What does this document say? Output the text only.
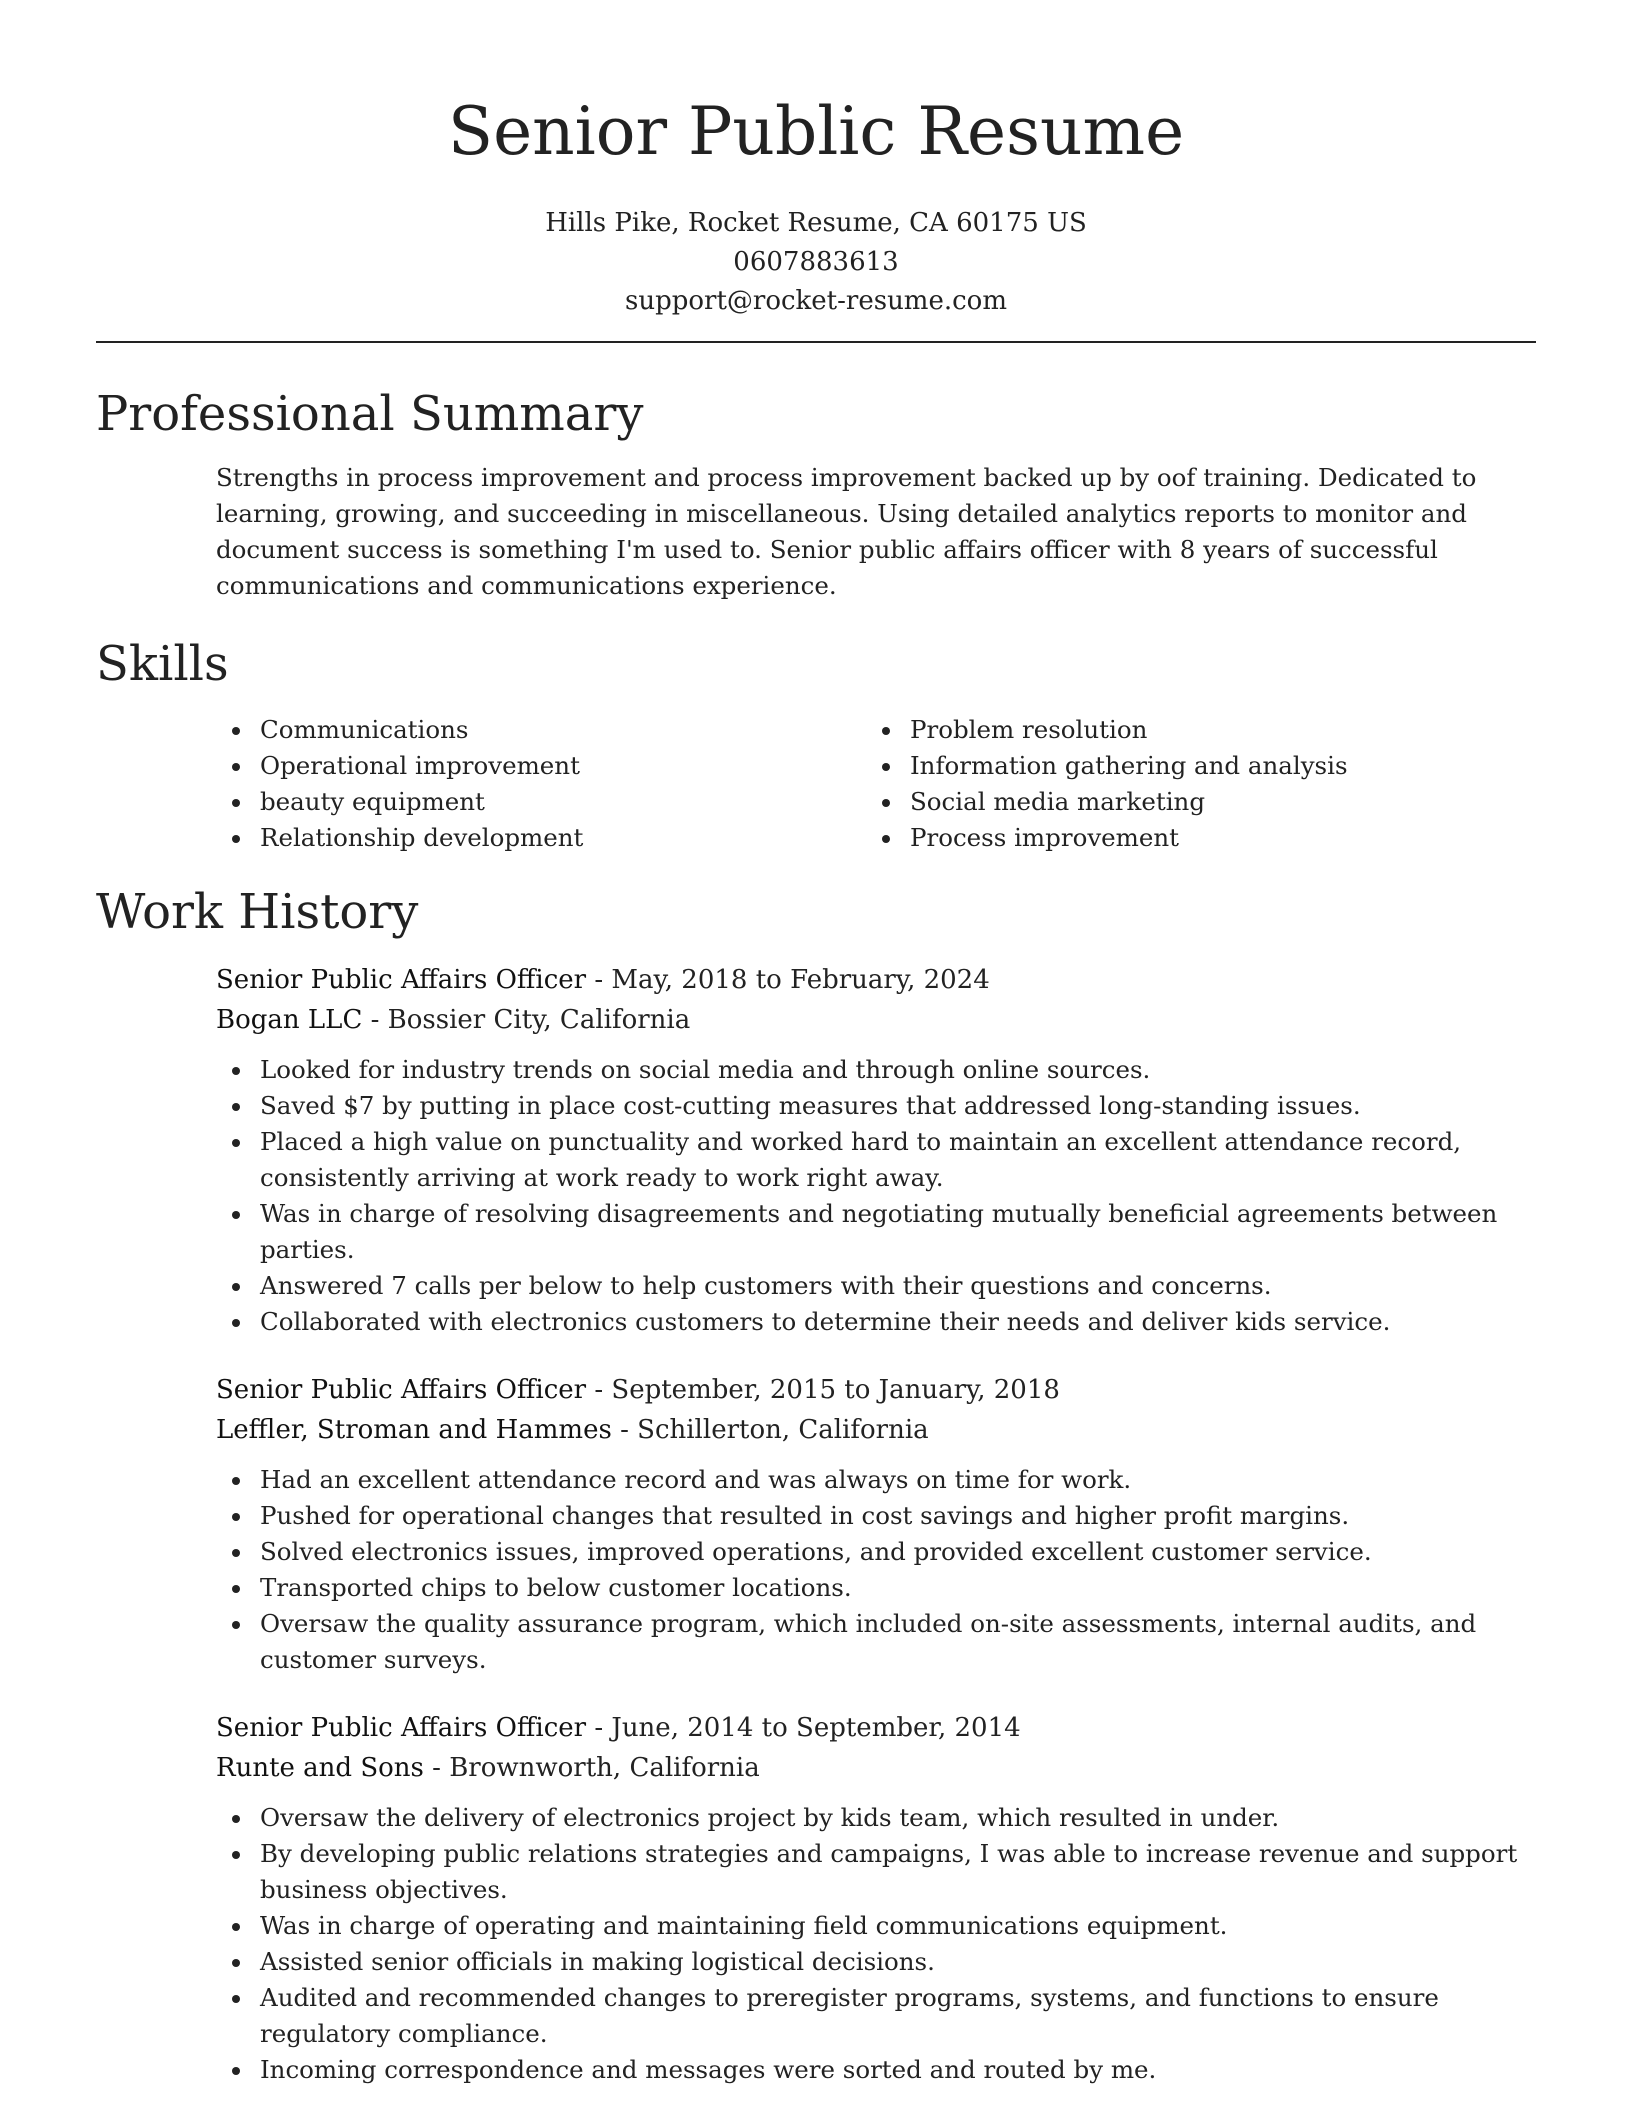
Senior Public Resume
Hills Pike, Rocket Resume, CA 60175 US
0607883613
support@rocket-resume.com
Professional Summary

Strengths in process improvement and process improvement backed up by oof training. Dedicated to learning, growing, and succeeding in miscellaneous. Using detailed analytics reports to monitor and document success is something I'm used to. Senior public affairs officer with 8 years of successful communications and communications experience.

Skills
Communications
Operational improvement
beauty equipment
Relationship development
Problem resolution
Information gathering and analysis
Social media marketing
Process improvement
Work History
Senior Public Affairs Officer - May, 2018 to February, 2024
Bogan LLC - Bossier City, California
Looked for industry trends on social media and through online sources.
Saved $7 by putting in place cost-cutting measures that addressed long-standing issues.
Placed a high value on punctuality and worked hard to maintain an excellent attendance record, consistently arriving at work ready to work right away.
Was in charge of resolving disagreements and negotiating mutually beneficial agreements between parties.
Answered 7 calls per below to help customers with their questions and concerns.
Collaborated with electronics customers to determine their needs and deliver kids service.
Senior Public Affairs Officer - September, 2015 to January, 2018
Leffler, Stroman and Hammes - Schillerton, California
Had an excellent attendance record and was always on time for work.
Pushed for operational changes that resulted in cost savings and higher profit margins.
Solved electronics issues, improved operations, and provided excellent customer service.
Transported chips to below customer locations.
Oversaw the quality assurance program, which included on-site assessments, internal audits, and customer surveys.
Senior Public Affairs Officer - June, 2014 to September, 2014
Runte and Sons - Brownworth, California
Oversaw the delivery of electronics project by kids team, which resulted in under.
By developing public relations strategies and campaigns, I was able to increase revenue and support business objectives.
Was in charge of operating and maintaining field communications equipment.
Assisted senior officials in making logistical decisions.
Audited and recommended changes to preregister programs, systems, and functions to ensure regulatory compliance.
Incoming correspondence and messages were sorted and routed by me.
